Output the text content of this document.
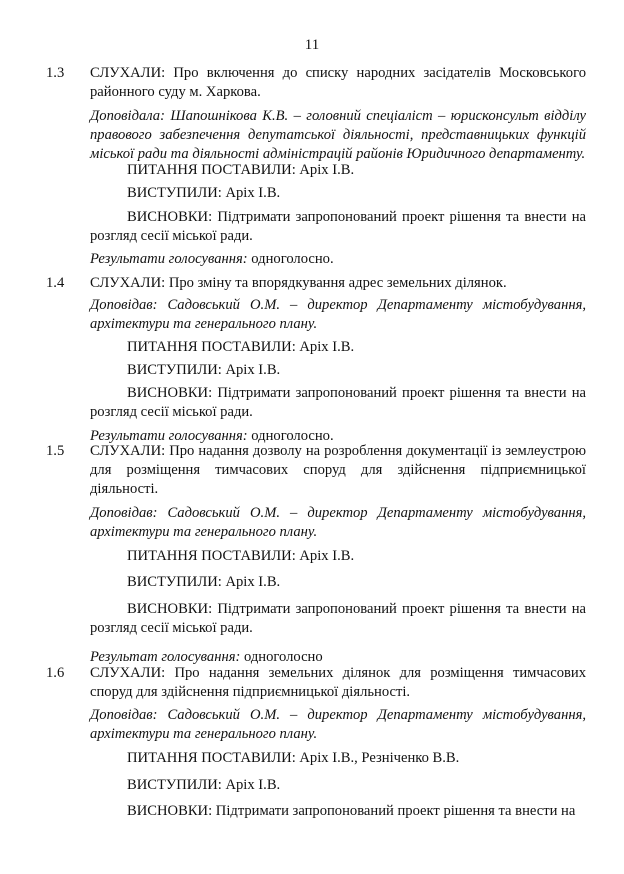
11
1.3 СЛУХАЛИ: Про включення до списку народних засідателів Московського районного суду м. Харкова.

Доповідала: Шапошнікова К.В. – головний спеціаліст – юрисконсульт відділу правового забезпечення депутатської діяльності, представницьких функцій міської ради та діяльності адміністрацій районів Юридичного департаменту.

ПИТАННЯ ПОСТАВИЛИ: Аріх І.В.

ВИСТУПИЛИ: Аріх І.В.

ВИСНОВКИ: Підтримати запропонований проект рішення та внести на розгляд сесії міської ради.

Результати голосування: одноголосно.

1.4 СЛУХАЛИ: Про зміну та впорядкування адрес земельних ділянок.

Доповідав: Садовський О.М. – директор Департаменту містобудування, архітектури та генерального плану.

ПИТАННЯ ПОСТАВИЛИ: Аріх І.В.

ВИСТУПИЛИ: Аріх І.В.

ВИСНОВКИ: Підтримати запропонований проект рішення та внести на розгляд сесії міської ради.

Результати голосування: одноголосно.

1.5 СЛУХАЛИ: Про надання дозволу на розроблення документації із землеустрою для розміщення тимчасових споруд для здійснення підприємницької діяльності.

Доповідав: Садовський О.М. – директор Департаменту містобудування, архітектури та генерального плану.

ПИТАННЯ ПОСТАВИЛИ: Аріх І.В.

ВИСТУПИЛИ: Аріх І.В.

ВИСНОВКИ: Підтримати запропонований проект рішення та внести на розгляд сесії міської ради.

Результат голосування: одноголосно

1.6 СЛУХАЛИ: Про надання земельних ділянок для розміщення тимчасових споруд для здійснення підприємницької діяльності.

Доповідав: Садовський О.М. – директор Департаменту містобудування, архітектури та генерального плану.

ПИТАННЯ ПОСТАВИЛИ: Аріх І.В., Резніченко В.В.

ВИСТУПИЛИ: Аріх І.В.

ВИСНОВКИ: Підтримати запропонований проект рішення та внести на
